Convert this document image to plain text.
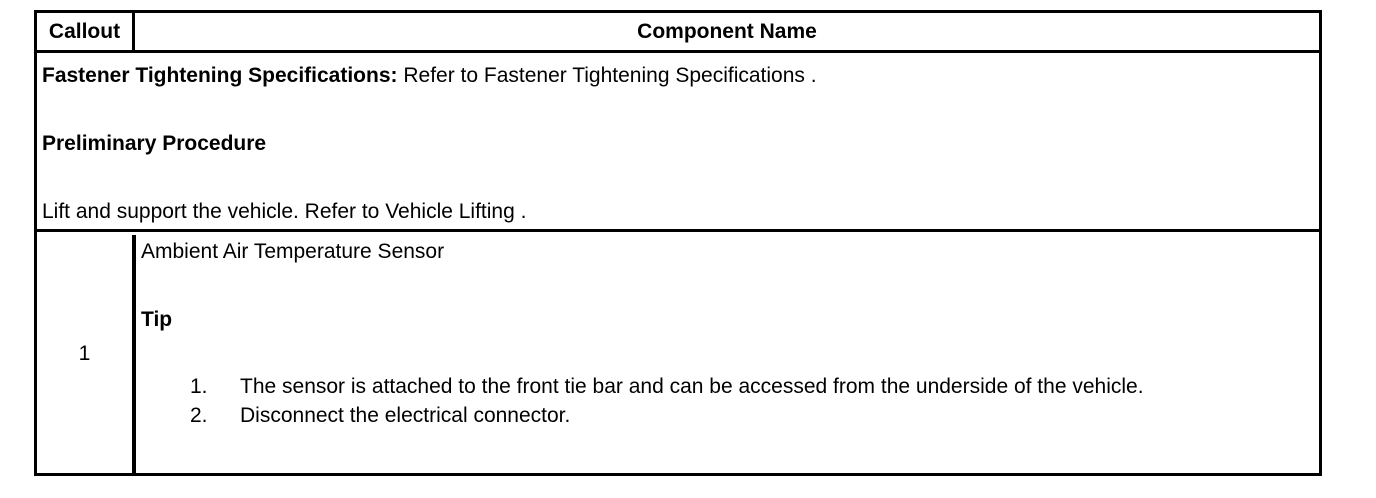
Callout	Component Name
Fastener Tightening Specifications: Refer to Fastener Tightening Specifications .
Preliminary Procedure
Lift and support the vehicle. Refer to Vehicle Lifting .
1
Ambient Air Temperature Sensor
Tip
1. The sensor is attached to the front tie bar and can be accessed from the underside of the vehicle.
2. Disconnect the electrical connector.
